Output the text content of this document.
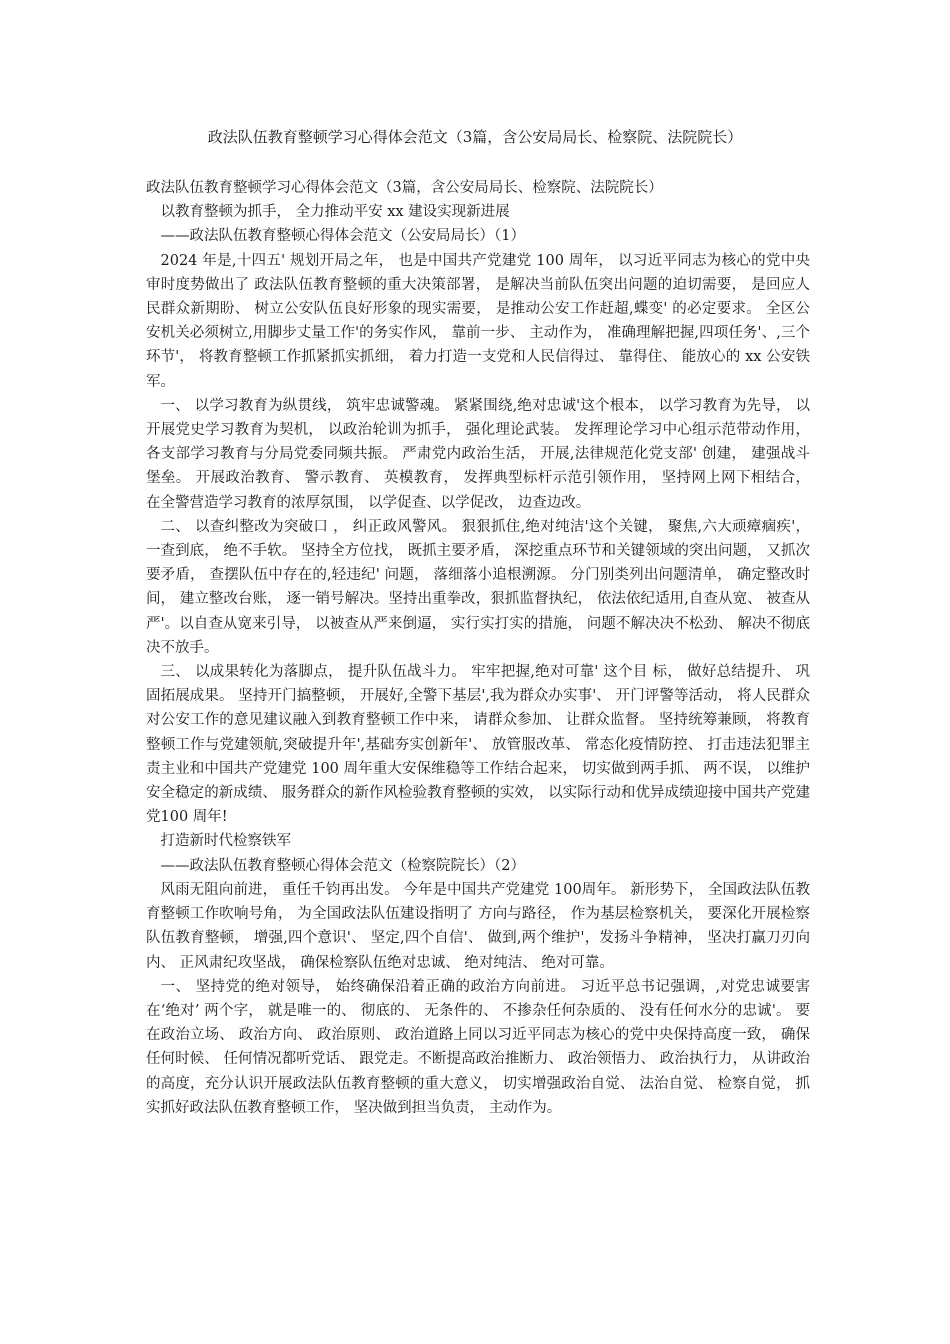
政法队伍教育整顿学习心得体会范文（3篇，含公安局局长、检察院、法院院长）

政法队伍教育整顿学习心得体会范文（3篇，含公安局局长、检察院、法院院长）

以教育整顿为抓手， 全力推动平安 xx 建设实现新进展

——政法队伍教育整顿心得体会范文（公安局局长）（1）

2024 年是,十四五' 规划开局之年， 也是中国共产党建党 100 周年， 以习近平同志为核心的党中央审时度势做出了 政法队伍教育整顿的重大决策部署， 是解决当前队伍突出问题的迫切需要， 是回应人民群众新期盼、 树立公安队伍良好形象的现实需要， 是推动公安工作赶超,蝶变' 的必定要求。 全区公安机关必须树立,用脚步丈量工作'的务实作风， 靠前一步、 主动作为， 准确理解把握,四项任务'、,三个环节'， 将教育整顿工作抓紧抓实抓细， 着力打造一支党和人民信得过、 靠得住、 能放心的 xx 公安铁军。

一、 以学习教育为纵贯线， 筑牢忠诚警魂。 紧紧围绕,绝对忠诚'这个根本， 以学习教育为先导， 以开展党史学习教育为契机， 以政治轮训为抓手， 强化理论武装。 发挥理论学习中心组示范带动作用， 各支部学习教育与分局党委同频共振。 严肃党内政治生活， 开展,法律规范化党支部' 创建， 建强战斗堡垒。 开展政治教育、 警示教育、 英模教育， 发挥典型标杆示范引领作用， 坚持网上网下相结合， 在全警营造学习教育的浓厚氛围， 以学促查、以学促改， 边查边改。

二、 以查纠整改为突破口 ， 纠正政风警风。 狠狠抓住,绝对纯洁'这个关键， 聚焦,六大顽瘴痼疾'， 一查到底， 绝不手软。 坚持全方位找， 既抓主要矛盾， 深挖重点环节和关键领域的突出问题， 又抓次要矛盾， 查摆队伍中存在的,轻违纪' 问题， 落细落小追根溯源。 分门别类列出问题清单， 确定整改时间， 建立整改台账， 逐一销号解决。坚持出重拳改，狠抓监督执纪， 依法依纪适用,自查从宽、 被查从严'。以自查从宽来引导， 以被查从严来倒逼， 实行实打实的措施， 问题不解决决不松劲、 解决不彻底决不放手。

三、 以成果转化为落脚点， 提升队伍战斗力。 牢牢把握,绝对可靠' 这个目 标， 做好总结提升、 巩固拓展成果。 坚持开门搞整顿， 开展好,全警下基层',我为群众办实事'、 开门评警等活动， 将人民群众对公安工作的意见建议融入到教育整顿工作中来， 请群众参加、 让群众监督。 坚持统筹兼顾， 将教育整顿工作与党建领航,突破提升年',基础夯实创新年'、 放管服改革、 常态化疫情防控、 打击违法犯罪主责主业和中国共产党建党 100 周年重大安保维稳等工作结合起来， 切实做到两手抓、 两不误， 以维护安全稳定的新成绩、 服务群众的新作风检验教育整顿的实效， 以实际行动和优异成绩迎接中国共产党建党100 周年!

打造新时代检察铁军

——政法队伍教育整顿心得体会范文（检察院院长）（2）

风雨无阻向前进， 重任千钧再出发。 今年是中国共产党建党 100周年。 新形势下， 全国政法队伍教育整顿工作吹响号角， 为全国政法队伍建设指明了 方向与路径， 作为基层检察机关， 要深化开展检察队伍教育整顿， 增强,四个意识'、 坚定,四个自信'、 做到,两个维护'，发扬斗争精神， 坚决打赢刀刃向内、 正风肃纪攻坚战， 确保检察队伍绝对忠诚、 绝对纯洁、 绝对可靠。

一、 坚持党的绝对领导， 始终确保沿着正确的政治方向前进。 习近平总书记强调，,对党忠诚要害在‘绝对’ 两个字， 就是唯一的、 彻底的、 无条件的、 不掺杂任何杂质的、 没有任何水分的忠诚'。 要在政治立场、 政治方向、 政治原则、 政治道路上同以习近平同志为核心的党中央保持高度一致， 确保任何时候、 任何情况都听党话、 跟党走。不断提高政治推断力、 政治领悟力、 政治执行力， 从讲政治的高度，充分认识开展政法队伍教育整顿的重大意义， 切实增强政治自觉、 法治自觉、 检察自觉， 抓实抓好政法队伍教育整顿工作， 坚决做到担当负责， 主动作为。
